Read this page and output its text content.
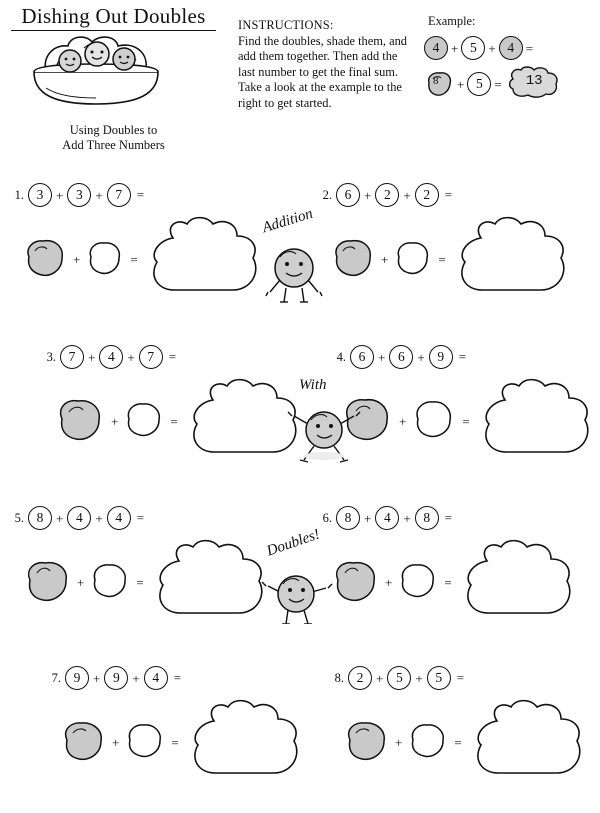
Dishing Out Doubles
Using Doubles to
Add Three Numbers
INSTRUCTIONS:
Find the doubles, shade them, and add them together. Then add the last number to get the final sum. Take a look at the example to the right to get started.
Example:
4 + 5 + 4 =
8 + 5 = 13
1. 3 + 3 + 7	=
+	=
2. 6 + 2 + 2	=
+	=
3. 7 + 4 + 7	=
+	=
4. 6 + 6 + 9	=
+	=
5. 8 + 4 + 4	=
+	=
6. 8 + 4 + 8	=
+	=
7. 9 + 9 + 4	=
+	=
8. 2 + 5 + 5	=
+	=
Addition
With
Doubles!
